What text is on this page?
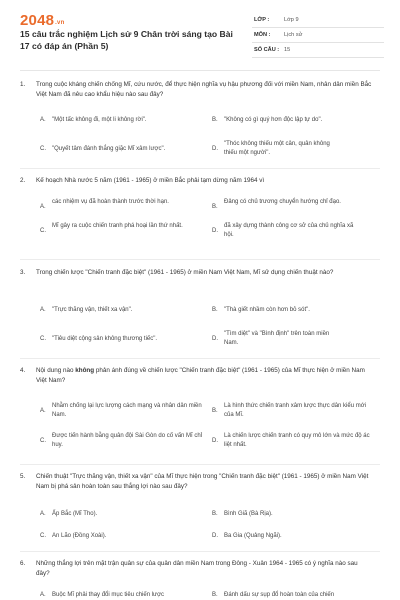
2048.vn
15 câu trắc nghiệm Lịch sử 9 Chân trời sáng tạo Bài 17 có đáp án (Phần 5)
LỚP :	Lớp 9
MÔN : Lịch sử
SỐ CÂU : 15
1.	Trong cuộc kháng chiến chống Mĩ, cứu nước, để thực hiện nghĩa vụ hậu phương đối với miền Nam, nhân dân miền Bắc Việt Nam đã nêu cao khẩu hiệu nào sau đây?
A.	"Một tấc không đi, một li không rời".	B.	"Không có gì quý hơn độc lập tự do".
C.	"Quyết tâm đánh thắng giặc Mĩ xâm lược".	D.
"Thóc không thiếu một cân, quân không thiếu một người".
2.	Kế hoạch Nhà nước 5 năm (1961 - 1965) ở miền Bắc phải tạm dừng năm 1964 vì
A.
các nhiệm vụ đã hoàn thành trước thời hạn.
B.
Đảng có chủ trương chuyển hướng chỉ đạo.
C.
Mĩ gây ra cuộc chiến tranh phá hoại lần thứ nhất.
D.
đã xây dựng thành công cơ sở của chủ nghĩa xã hội.
3.	Trong chiến lược "Chiến tranh đặc biệt" (1961 - 1965) ở miền Nam Việt Nam, Mĩ sử dụng chiến thuật nào?
A.	"Trực thăng vận, thiết xa vận".	B.	"Thà giết nhầm còn hơn bỏ sót".
C.	"Tiêu diệt cộng sản không thương tiếc".	D.
"Tìm diệt" và "Bình định" trên toàn miền Nam.
4.	Nội dung nào không phản ánh đúng về chiến lược "Chiến tranh đặc biệt" (1961 - 1965) của Mĩ thực hiện ở miền Nam Việt Nam?
A.
Nhằm chống lại lực lượng cách mạng và nhân dân miền Nam.
B.
Là hình thức chiến tranh xâm lược thực dân kiểu mới của Mĩ.
C.
Được tiến hành bằng quân đội Sài Gòn do cố vấn Mĩ chỉ huy.
D.
Là chiến lược chiến tranh có quy mô lớn và mức độ ác liệt nhất.
5.	Chiến thuật "Trực thăng vận, thiết xa vận" của Mĩ thực hiện trong "Chiến tranh đặc biệt" (1961 - 1965) ở miền Nam Việt Nam bị phá sản hoàn toàn sau thắng lợi nào sau đây?
A.	Ấp Bắc (Mĩ Tho).	B.	Bình Giã (Bà Rịa).
C.	An Lão (Đồng Xoài).	D.	Ba Gia (Quảng Ngãi).
6.	Những thắng lợi trên mặt trận quân sự của quân dân miền Nam trong Đông - Xuân 1964 - 1965 có ý nghĩa nào sau đây?
A.	Buộc Mĩ phải thay đổi mục tiêu chiến lược	B.	Đánh dấu sự sụp đổ hoàn toàn của chiến
